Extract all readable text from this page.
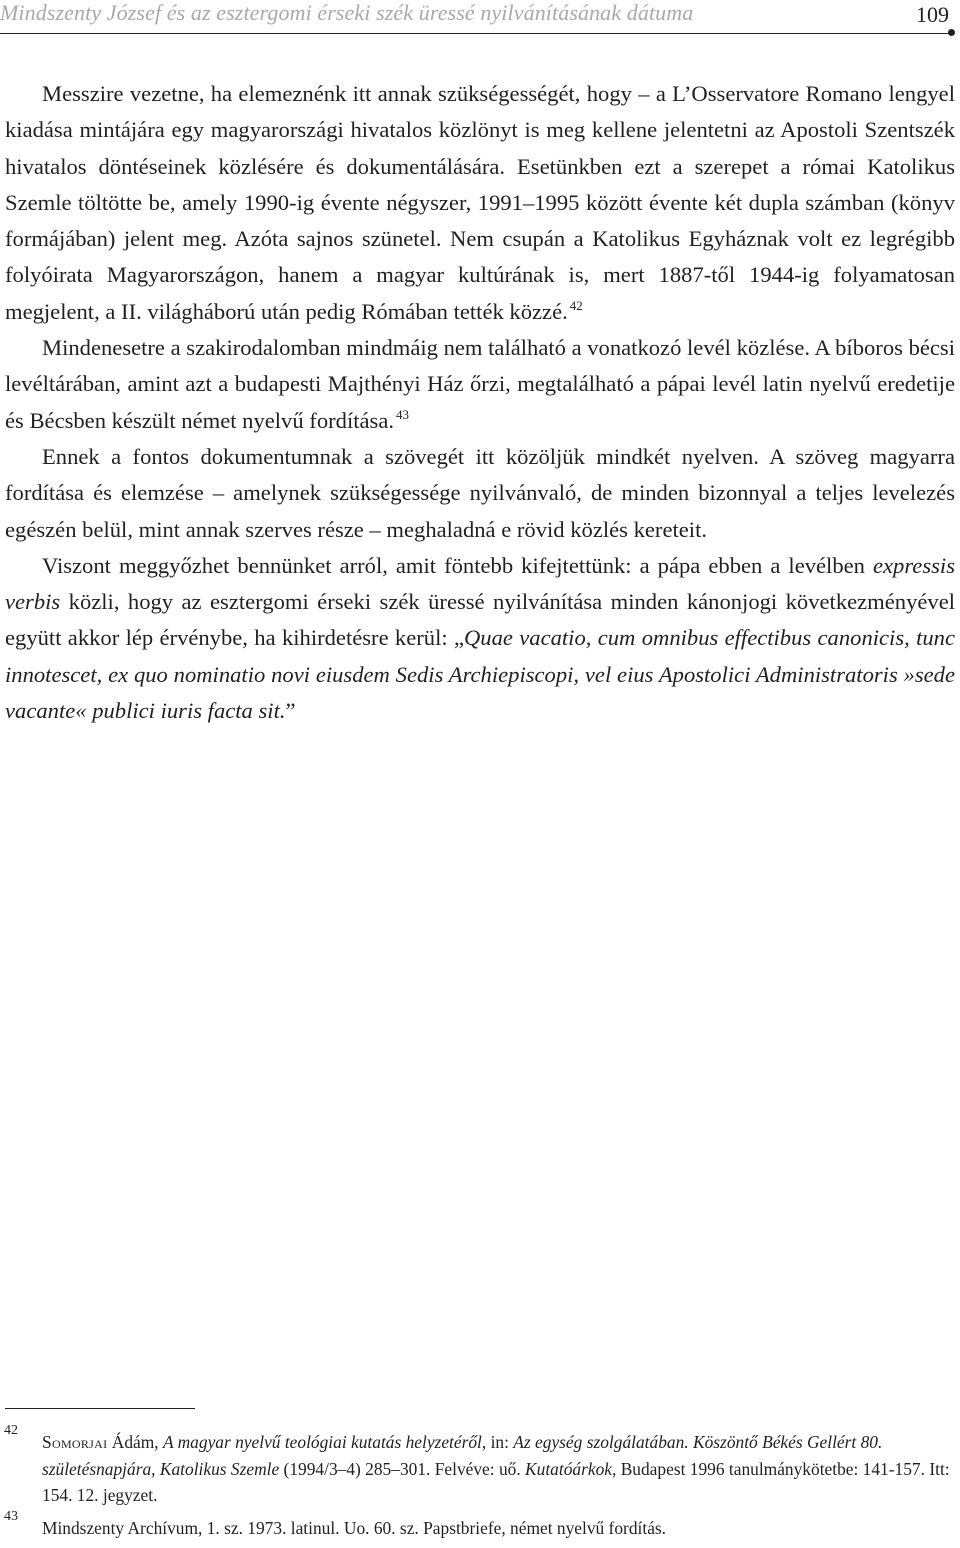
Mindszenty József és az esztergomi érseki szék üressé nyilvánításának dátuma	109

Messzire vezetne, ha elemeznénk itt annak szükségességét, hogy – a L’Osservatore Romano lengyel kiadása mintájára egy magyarországi hivatalos közlönyt is meg kellene jelentetni az Apostoli Szentszék hivatalos döntéseinek közlésére és dokumentálására. Esetünkben ezt a szerepet a római Katolikus Szemle töltötte be, amely 1990-ig évente négyszer, 1991–1995 között évente két dupla számban (könyv formájában) jelent meg. Azóta sajnos szünetel. Nem csupán a Katolikus Egyháznak volt ez legrégibb folyóirata Magyarországon, hanem a magyar kultúrának is, mert 1887-től 1944-ig folyamatosan megjelent, a II. világháború után pedig Rómában tették közzé. $^{42}$

Mindenesetre a szakirodalomban mindmáig nem található a vonatkozó levél közlése. A bíboros bécsi levéltárában, amint azt a budapesti Majthényi Ház őrzi, megtalálható a pápai levél latin nyelvű eredetije és Bécsben készült német nyelvű fordítása. $^{43}$

Ennek a fontos dokumentumnak a szövegét itt közöljük mindkét nyelven. A szöveg magyarra fordítása és elemzése – amelynek szükségessége nyilvánvaló, de minden bizonnyal a teljes levelezés egészén belül, mint annak szerves része – meghaladná e rövid közlés kereteit.

Viszont meggyőzhet bennünket arról, amit föntebb kifejtettünk: a pápa ebben a levélben expressis verbis közli, hogy az esztergomi érseki szék üressé nyilvánítása minden kánonjogi következményével együtt akkor lép érvénybe, ha kihirdetésre kerül: „Quae vacatio, cum omnibus effectibus canonicis, tunc innotescet, ex quo nominatio novi eiusdem Sedis Archiepiscopi, vel eius Apostolici Administratoris »sede vacante« publici iuris facta sit.”

42
Somorjai Ádám, A magyar nyelvű teológiai kutatás helyzetéről, in: Az egység szolgálatában. Köszöntő Békés Gellért 80. születésnapjára, Katolikus Szemle (1994/3–4) 285–301. Felvéve: uő. Kutatóárkok, Budapest 1996 tanulmánykötetbe: 141-157. Itt: 154. 12. jegyzet.
43
Mindszenty Archívum, 1. sz. 1973. latinul. Uo. 60. sz. Papstbriefe, német nyelvű fordítás.
